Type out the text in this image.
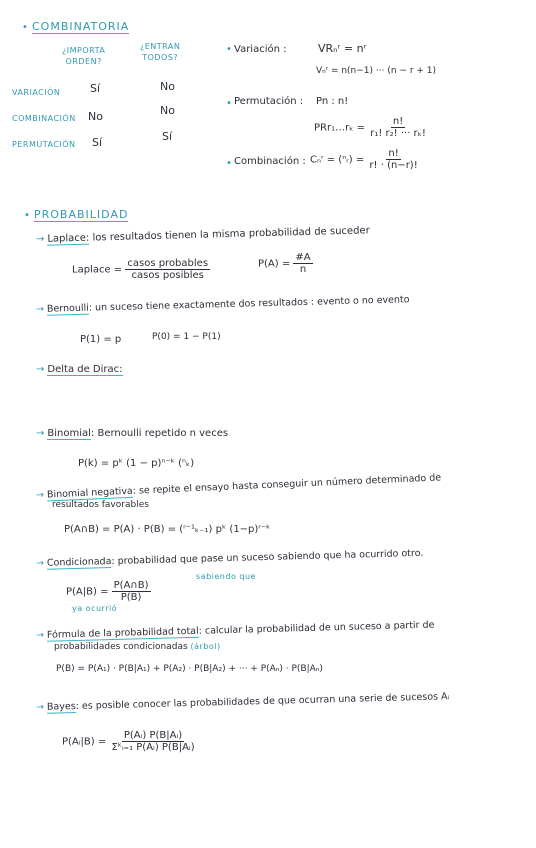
• COMBINATORIA
¿IMPORTA
ORDEN?
¿ENTRAN
TODOS?
VARIACIÓN	Sí	No
COMBINACIÓN No	No
PERMUTACIÓN Sí	Sí
• Variación :	VRₙʳ = nʳ
Vₙʳ = n(n−1) ··· (n − r + 1)
• Permutación : Pn : n!
PRr₁…rₖ = $\frac{n!}{\text{r₁! r₂! ··· rₖ!}}$
• Combinación : Cₙʳ = (ⁿᵣ) = $\frac{n!}{r! \cdot (n-r)!}$
• PROBABILIDAD
→ Laplace: los resultados tienen la misma probabilidad de suceder
Laplace = $\frac{\text{casos probables}}{\text{casos posibles}}$	$P(A) = \frac{\#A}{n}$
→ Bernoulli: un suceso tiene exactamente dos resultados : evento o no evento
P(1) = p	P(0) = 1 − P(1)
→ Delta de Dirac:
→ Binomial: Bernoulli repetido n veces
P(k) = pᵏ (1 − p)ⁿ⁻ᵏ (ⁿₖ)
→ Binomial negativa: se repite el ensayo hasta conseguir un número determinado de
resultados favorables
P(A∩B) = P(A) · P(B) = (ʳ⁻¹ₖ₋₁) pᵏ (1−p)ʳ⁻ᵏ
→ Condicionada: probabilidad que pase un suceso sabiendo que ha ocurrido otro.
$P(A|B) = \frac{P(A\cap B)}{P(B)}$
sabiendo que
ya ocurrió
→ Fórmula de la probabilidad total: calcular la probabilidad de un suceso a partir de
probabilidades condicionadas (árbol)
P(B) = P(A₁) · P(B|A₁) + P(A₂) · P(B|A₂) + ··· + P(Aₙ) · P(B|Aₙ)
→ Bayes: es posible conocer las probabilidades de que ocurran una serie de sucesos Aᵢ
P(Aᵢ|B) = $\frac{\text{P(Aᵢ) P(B|Aᵢ)}}{\text{Σᵏᵢ₌₁ P(Aᵢ) P(B|Aᵢ)}}$
